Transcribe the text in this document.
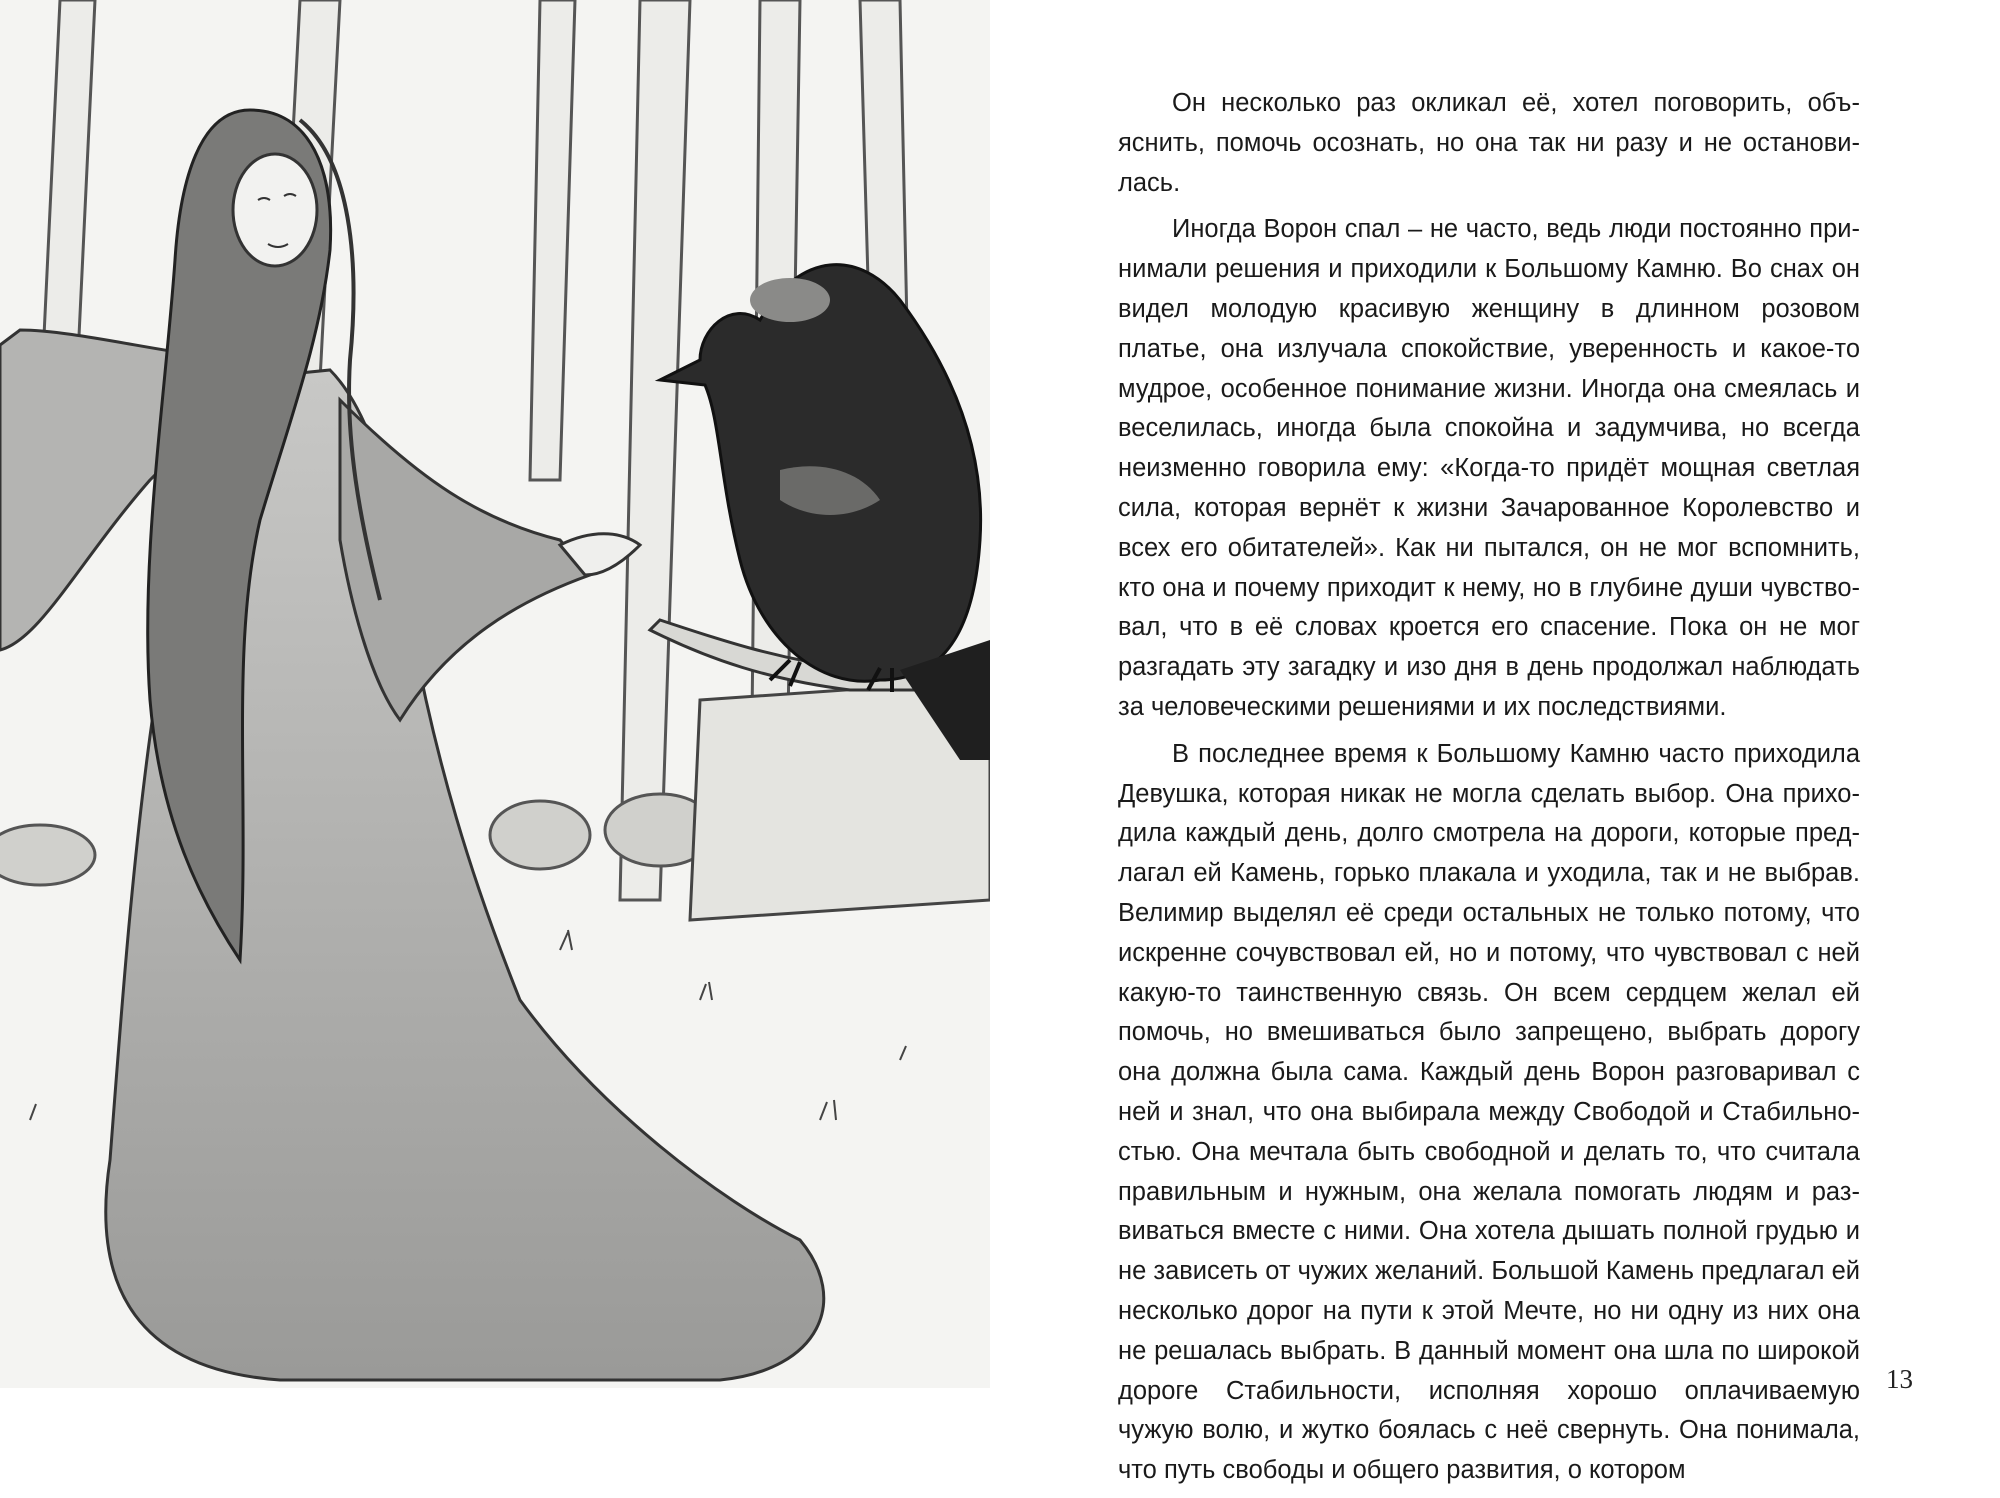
Он несколько раз окликал её, хотел поговорить, объяснить, помочь осознать, но она так ни разу и не остановилась.

Иногда Ворон спал – не часто, ведь люди постоянно принимали решения и приходили к Большому Камню. Во снах он видел молодую красивую женщину в длинном розовом платье, она излучала спокойствие, уверенность и какое-то мудрое, особенное понимание жизни. Иногда она смеялась и веселилась, иногда была спокойна и задумчива, но всегда неизменно говорила ему: «Когда-то придёт мощная светлая сила, которая вернёт к жизни Зачарованное Королевство и всех его обитателей». Как ни пытался, он не мог вспомнить, кто она и почему приходит к нему, но в глубине души чувствовал, что в её словах кроется его спасение. Пока он не мог разгадать эту загадку и изо дня в день продолжал наблюдать за человеческими решениями и их последствиями.

В последнее время к Большому Камню часто приходила Девушка, которая никак не могла сделать выбор. Она приходила каждый день, долго смотрела на дороги, которые предлагал ей Камень, горько плакала и уходила, так и не выбрав. Велимир выделял её среди остальных не только потому, что искренне сочувствовал ей, но и потому, что чувствовал с ней какую-то таинственную связь. Он всем сердцем желал ей помочь, но вмешиваться было запрещено, выбрать дорогу она должна была сама. Каждый день Ворон разговаривал с ней и знал, что она выбирала между Свободой и Стабильностью. Она мечтала быть свободной и делать то, что считала правильным и нужным, она желала помогать людям и развиваться вместе с ними. Она хотела дышать полной грудью и не зависеть от чужих желаний. Большой Камень предлагал ей несколько дорог на пути к этой Мечте, но ни одну из них она не решалась выбрать. В данный момент она шла по широкой дороге Стабильности, исполняя хорошо оплачиваемую чужую волю, и жутко боялась с неё свернуть. Она понимала, что путь свободы и общего развития, о котором

13
